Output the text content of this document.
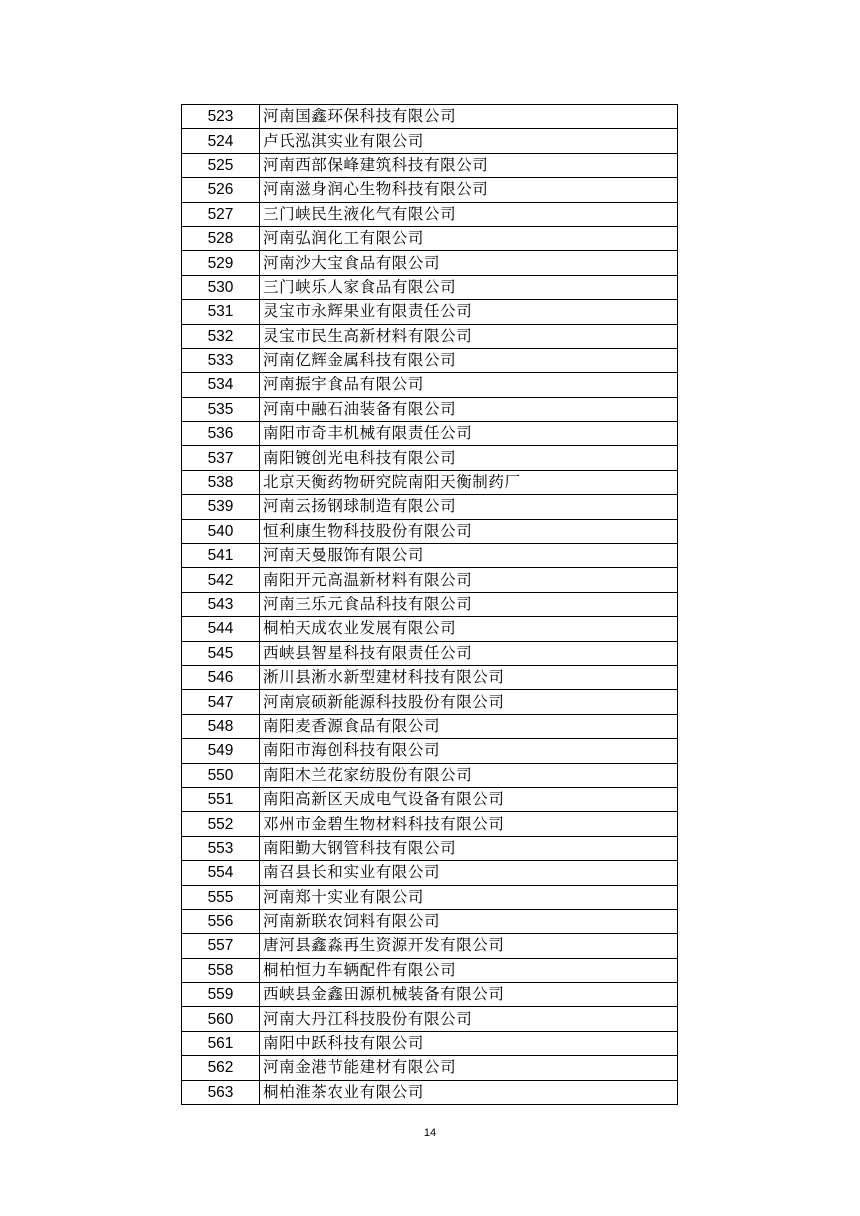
523	河南国鑫环保科技有限公司
524	卢氏泓淇实业有限公司
525	河南西部保峰建筑科技有限公司
526	河南滋身润心生物科技有限公司
527	三门峡民生液化气有限公司
528	河南弘润化工有限公司
529	河南沙大宝食品有限公司
530	三门峡乐人家食品有限公司
531	灵宝市永辉果业有限责任公司
532	灵宝市民生高新材料有限公司
533	河南亿辉金属科技有限公司
534	河南振宇食品有限公司
535	河南中融石油装备有限公司
536	南阳市奇丰机械有限责任公司
537	南阳镀创光电科技有限公司
538	北京天衡药物研究院南阳天衡制药厂
539	河南云扬钢球制造有限公司
540	恒利康生物科技股份有限公司
541	河南天曼服饰有限公司
542	南阳开元高温新材料有限公司
543	河南三乐元食品科技有限公司
544	桐柏天成农业发展有限公司
545	西峡县智星科技有限责任公司
546	淅川县淅水新型建材科技有限公司
547	河南宸硕新能源科技股份有限公司
548	南阳麦香源食品有限公司
549	南阳市海创科技有限公司
550	南阳木兰花家纺股份有限公司
551	南阳高新区天成电气设备有限公司
552	邓州市金碧生物材料科技有限公司
553	南阳勤大钢管科技有限公司
554	南召县长和实业有限公司
555	河南郑十实业有限公司
556	河南新联农饲料有限公司
557	唐河县鑫淼再生资源开发有限公司
558	桐柏恒力车辆配件有限公司
559	西峡县金鑫田源机械装备有限公司
560	河南大丹江科技股份有限公司
561	南阳中跃科技有限公司
562	河南金港节能建材有限公司
563	桐柏淮茶农业有限公司
14
